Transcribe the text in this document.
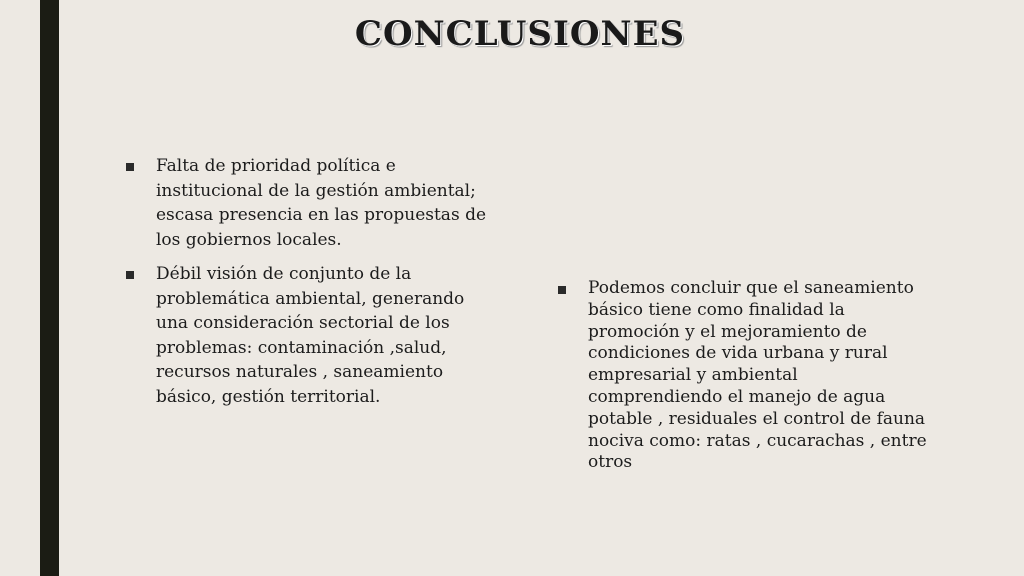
CONCLUSIONES
Falta de prioridad política e institucional de la gestión ambiental; escasa presencia en las propuestas de los gobiernos locales.
Débil visión de conjunto de la problemática ambiental, generando una consideración sectorial de los problemas: contaminación ,salud, recursos naturales , saneamiento básico, gestión territorial.
Podemos concluir que el saneamiento básico tiene como finalidad la promoción y el mejoramiento de condiciones de vida urbana y rural empresarial y ambiental comprendiendo el manejo de agua potable , residuales el control de fauna nociva como: ratas , cucarachas , entre otros
